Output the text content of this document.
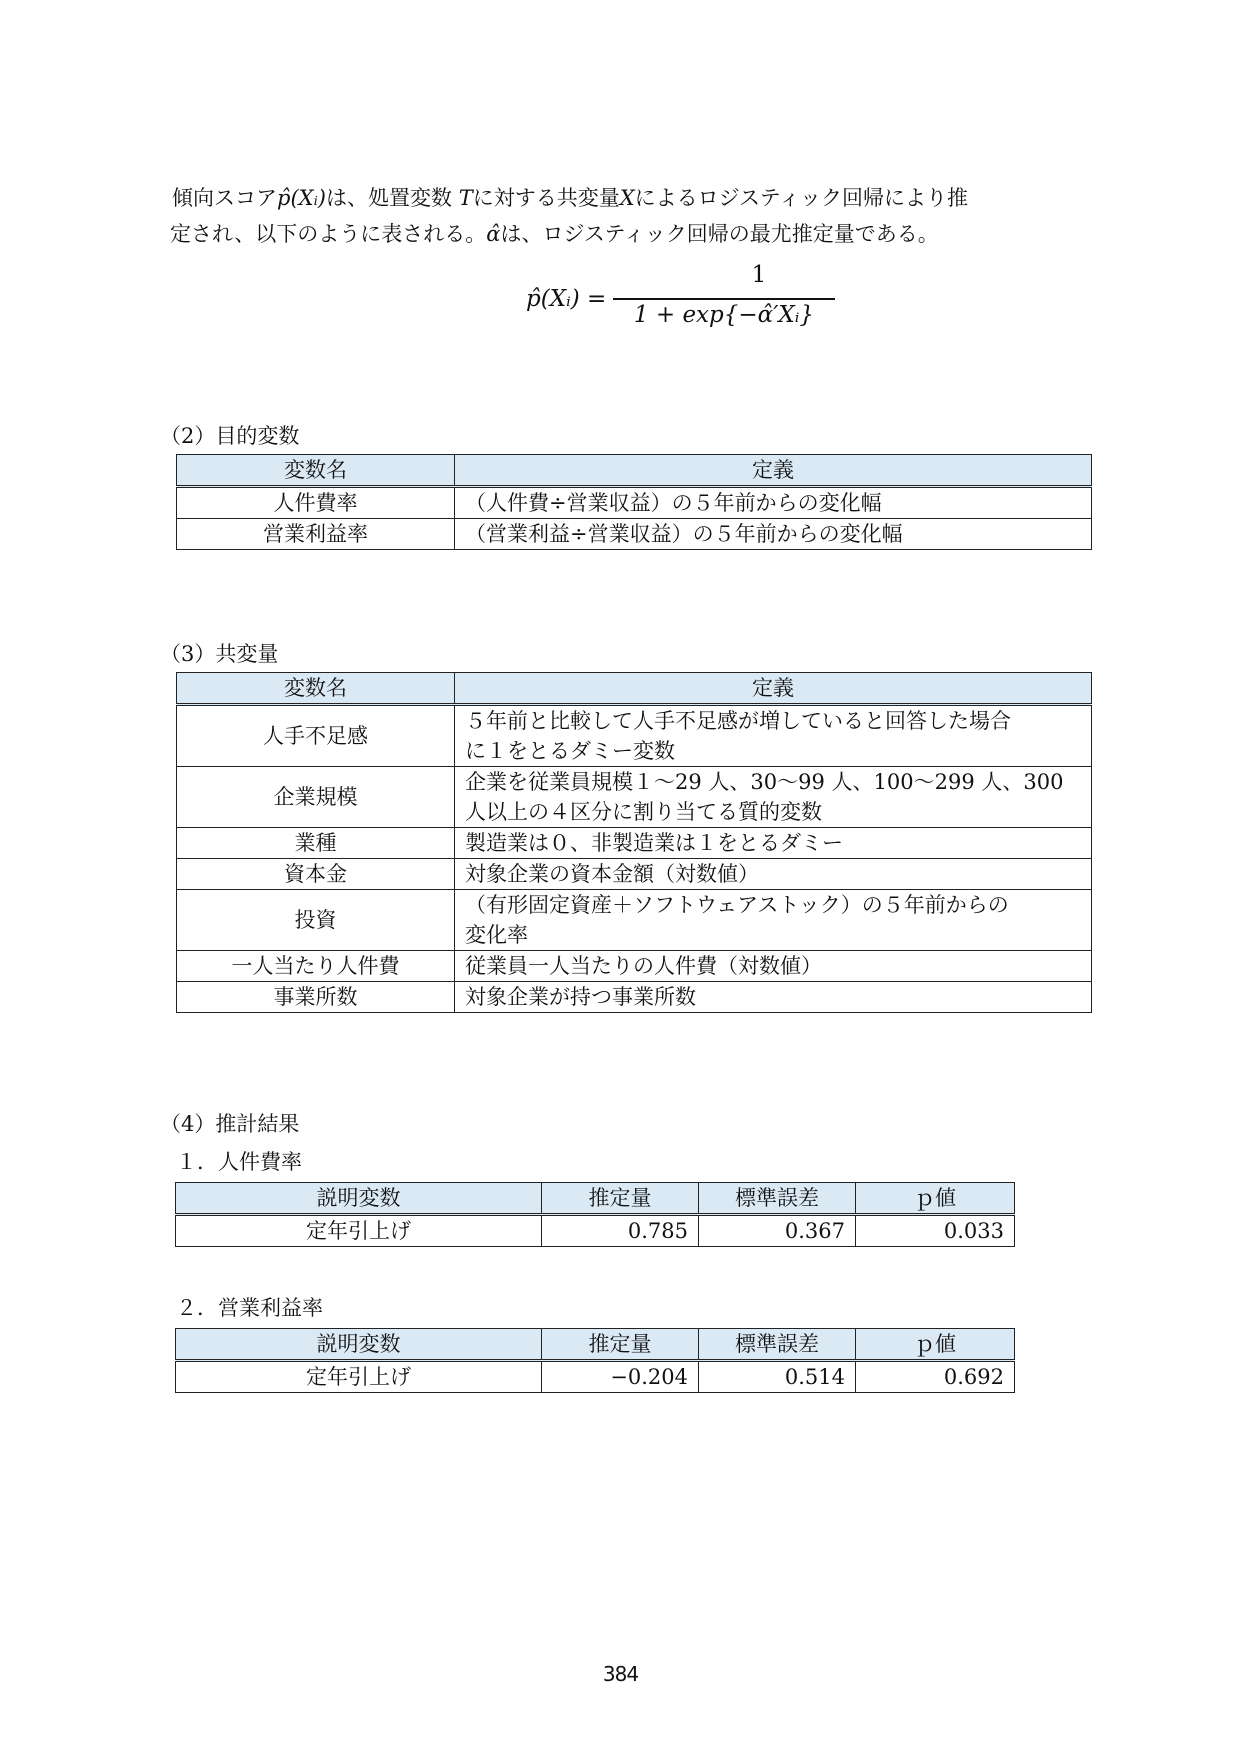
傾向スコアp̂(Xᵢ)は、処置変数 Tに対する共変量Xによるロジスティック回帰により推
定され、以下のように表される。α̂は、ロジスティック回帰の最尤推定量である。
p̂(Xᵢ) =
1
1 + exp{−α̂′Xᵢ}
（2）目的変数
変数名	定義
人件費率	（人件費÷営業収益）の５年前からの変化幅
営業利益率	（営業利益÷営業収益）の５年前からの変化幅
（3）共変量
変数名	定義
人手不足感	５年前と比較して人手不足感が増していると回答した場合
に１をとるダミー変数

企業規模	企業を従業員規模１～29 人、30～99 人、100～299 人、300
人以上の４区分に割り当てる質的変数

業種	製造業は０、非製造業は１をとるダミー
資本金	対象企業の資本金額（対数値）
投資	（有形固定資産＋ソフトウェアストック）の５年前からの
変化率

一人当たり人件費	従業員一人当たりの人件費（対数値）
事業所数	対象企業が持つ事業所数
（4）推計結果
１．人件費率
説明変数	推定量	標準誤差	ｐ値
定年引上げ	0.785	0.367	0.033
２．営業利益率
説明変数	推定量	標準誤差	ｐ値
定年引上げ	−0.204	0.514	0.692
384
